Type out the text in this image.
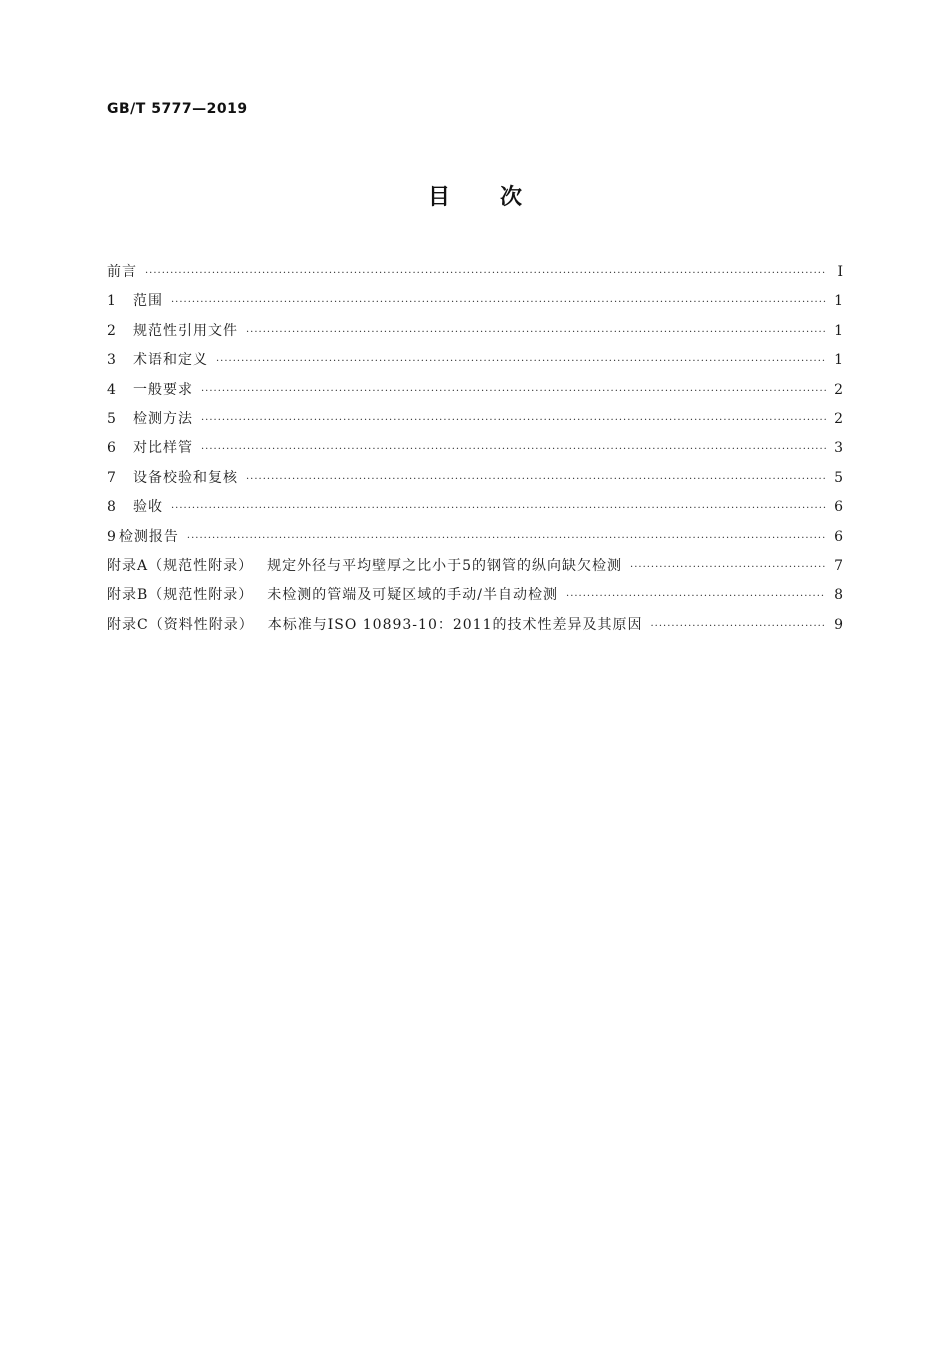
GB/T 5777—2019
目次
前言 ·····	Ⅰ
1	范围 ·····	1
2	规范性引用文件 ·····	1
3	术语和定义 ·····	1
4	一般要求 ·····	2
5	检测方法 ·····	2
6	对比样管 ·····	3
7	设备校验和复核 ·····	5
8	验收 ·····	6
9 检测报告 ·····	6
附录A（规范性附录） 规定外径与平均壁厚之比小于5的钢管的纵向缺欠检测 ·····	7
附录B（规范性附录） 未检测的管端及可疑区域的手动/半自动检测 ·····	8
附录C（资料性附录） 本标准与ISO 10893-10：2011的技术性差异及其原因 ·····	9
